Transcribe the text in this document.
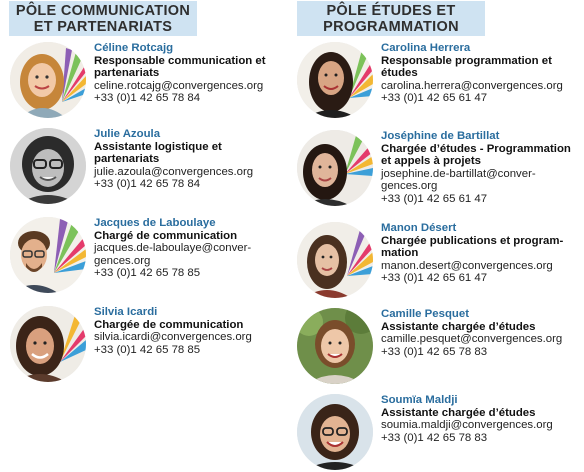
PÔLE COMMUNICATION
ET PARTENARIATS
Céline Rotcajg
Responsable communication et
partenariats
celine.rotcajg@convergences.org
+33 (0)1 42 65 78 84
Julie Azoula
Assistante logistique et
partenariats
julie.azoula@convergences.org
+33 (0)1 42 65 78 84
Jacques de Laboulaye
Chargé de communication
jacques.de-laboulaye@conver-
gences.org
+33 (0)1 42 65 78 85
Silvia Icardi
Chargée de communication
silvia.icardi@convergences.org
+33 (0)1 42 65 78 85
PÔLE ÉTUDES ET
PROGRAMMATION
Carolina Herrera
Responsable programmation et
études
carolina.herrera@convergences.org
+33 (0)1 42 65 61 47
Joséphine de Bartillat
Chargée d’études - Programmation
et appels à projets
josephine.de-bartillat@conver-
gences.org
+33 (0)1 42 65 61 47
Manon Désert
Chargée publications et program-
mation
manon.desert@convergences.org
+33 (0)1 42 65 61 47
Camille Pesquet
Assistante chargée d’études
camille.pesquet@convergences.org
+33 (0)1 42 65 78 83
Soumïa Maldji
Assistante chargée d’études
soumia.maldji@convergences.org
+33 (0)1 42 65 78 83
